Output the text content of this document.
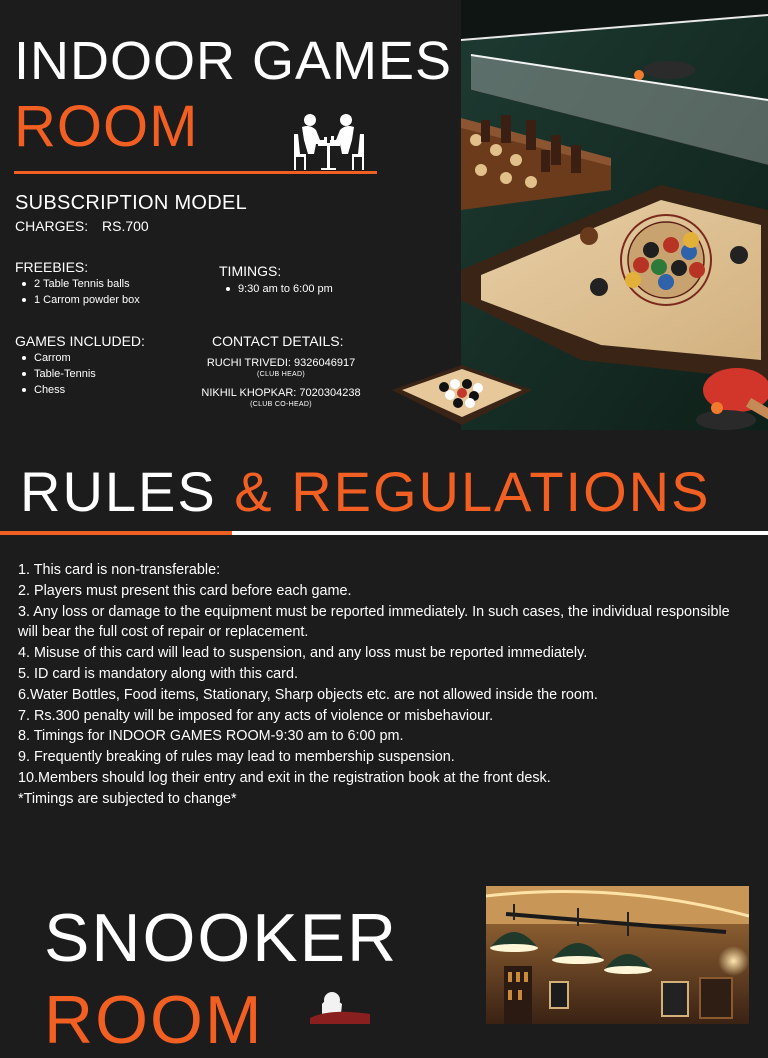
INDOOR GAMES
ROOM
SUBSCRIPTION MODEL
CHARGES: RS.700
FREEBIES:
2 Table Tennis balls
1 Carrom powder box
TIMINGS:
9:30 am to 6:00 pm
GAMES INCLUDED:
Carrom
Table-Tennis
Chess
CONTACT DETAILS:
RUCHI TRIVEDI: 9326046917
(CLUB HEAD)
NIKHIL KHOPKAR: 7020304238
(CLUB CO-HEAD)
RULES & REGULATIONS
1. This card is non-transferable:
2. Players must present this card before each game.
3. Any loss or damage to the equipment must be reported immediately. In such cases, the individual responsible will bear the full cost of repair or replacement.
4. Misuse of this card will lead to suspension, and any loss must be reported immediately.
5. ID card is mandatory along with this card.
6.Water Bottles, Food items, Stationary, Sharp objects etc. are not allowed inside the room.
7. Rs.300 penalty will be imposed for any acts of violence or misbehaviour.
8. Timings for INDOOR GAMES ROOM-9:30 am to 6:00 pm.
9. Frequently breaking of rules may lead to membership suspension.
10.Members should log their entry and exit in the registration book at the front desk.
*Timings are subjected to change*
SNOOKER
ROOM
